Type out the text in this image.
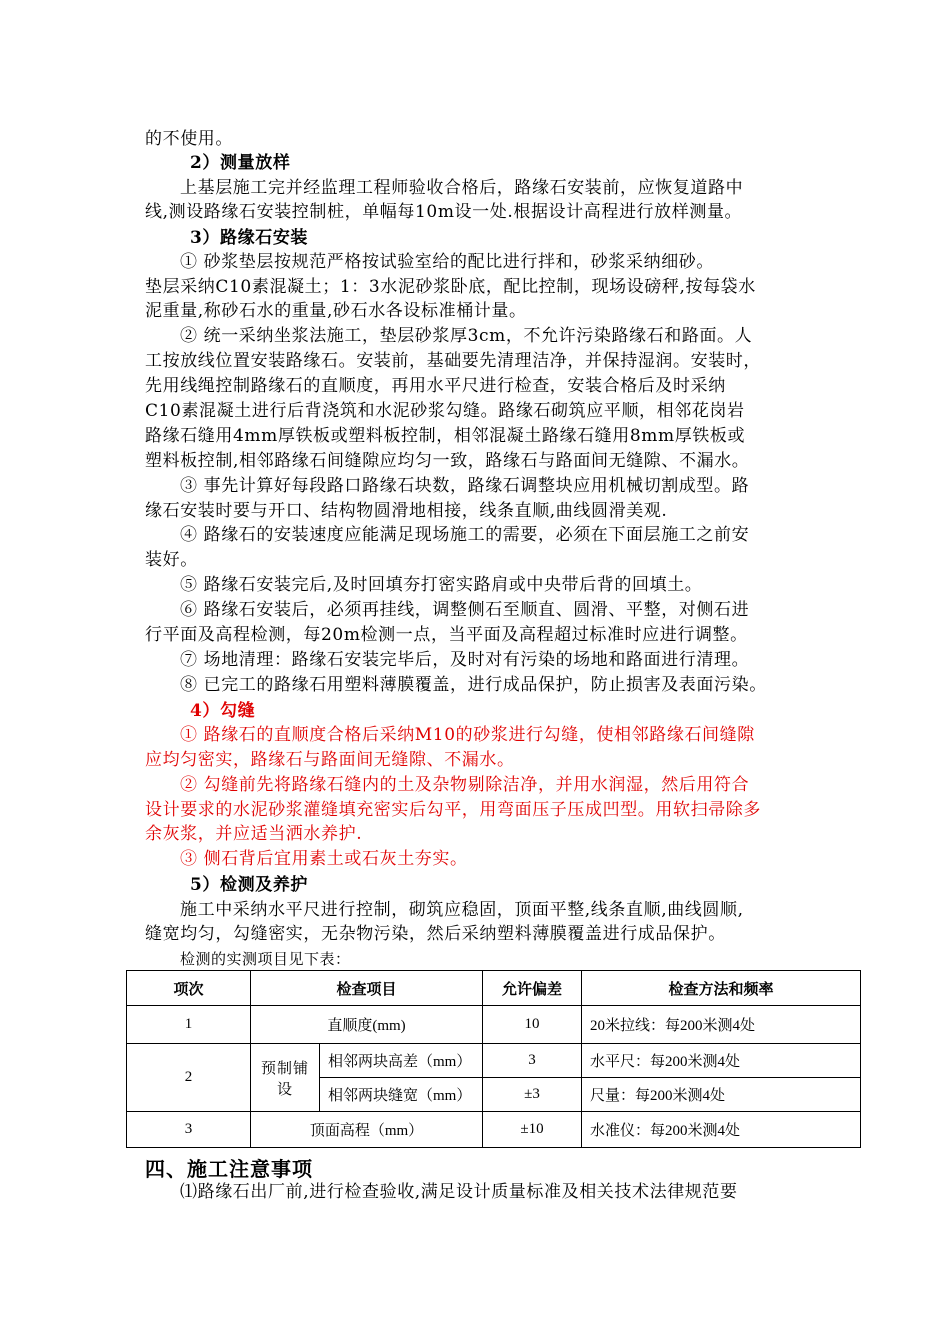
的不使用。
2）测量放样
上基层施工完并经监理工程师验收合格后，路缘石安装前，应恢复道路中
线,测设路缘石安装控制桩，单幅每10m设一处.根据设计高程进行放样测量。
3）路缘石安装
① 砂浆垫层按规范严格按试验室给的配比进行拌和，砂浆采纳细砂。
垫层采纳C10素混凝土；1：3水泥砂浆卧底，配比控制，现场设磅秤,按每袋水
泥重量,称砂石水的重量,砂石水各设标准桶计量。
② 统一采纳坐浆法施工，垫层砂浆厚3cm，不允许污染路缘石和路面。人
工按放线位置安装路缘石。安装前，基础要先清理洁净，并保持湿润。安装时，
先用线绳控制路缘石的直顺度，再用水平尺进行检查，安装合格后及时采纳
C10素混凝土进行后背浇筑和水泥砂浆勾缝。路缘石砌筑应平顺，相邻花岗岩
路缘石缝用4mm厚铁板或塑料板控制，相邻混凝土路缘石缝用8mm厚铁板或
塑料板控制,相邻路缘石间缝隙应均匀一致，路缘石与路面间无缝隙、不漏水。
③ 事先计算好每段路口路缘石块数，路缘石调整块应用机械切割成型。路
缘石安装时要与开口、结构物圆滑地相接，线条直顺,曲线圆滑美观.
④ 路缘石的安装速度应能满足现场施工的需要，必须在下面层施工之前安
装好。
⑤ 路缘石安装完后,及时回填夯打密实路肩或中央带后背的回填土。
⑥ 路缘石安装后，必须再挂线，调整侧石至顺直、圆滑、平整，对侧石进
行平面及高程检测，每20m检测一点，当平面及高程超过标准时应进行调整。
⑦ 场地清理：路缘石安装完毕后，及时对有污染的场地和路面进行清理。
⑧ 已完工的路缘石用塑料薄膜覆盖，进行成品保护，防止损害及表面污染。
4）勾缝
① 路缘石的直顺度合格后采纳M10的砂浆进行勾缝，使相邻路缘石间缝隙
应均匀密实，路缘石与路面间无缝隙、不漏水。
② 勾缝前先将路缘石缝内的土及杂物剔除洁净，并用水润湿，然后用符合
设计要求的水泥砂浆灌缝填充密实后勾平，用弯面压子压成凹型。用软扫帚除多
余灰浆，并应适当洒水养护.
③ 侧石背后宜用素土或石灰土夯实。
5）检测及养护
施工中采纳水平尺进行控制，砌筑应稳固，顶面平整,线条直顺,曲线圆顺,
缝宽均匀，勾缝密实，无杂物污染，然后采纳塑料薄膜覆盖进行成品保护。
检测的实测项目见下表：
项次	检查项目		允许偏差	检查方法和频率
1	直顺度(mm)		10	20米拉线：每200米测4处
2	预制铺设	相邻两块高差（mm）	3	水平尺：每200米测4处
		相邻两块缝宽（mm）	±3	尺量：每200米测4处
3	顶面高程（mm）		±10	水准仪：每200米测4处
四、施工注意事项
⑴路缘石出厂前,进行检查验收,满足设计质量标准及相关技术法律规范要
